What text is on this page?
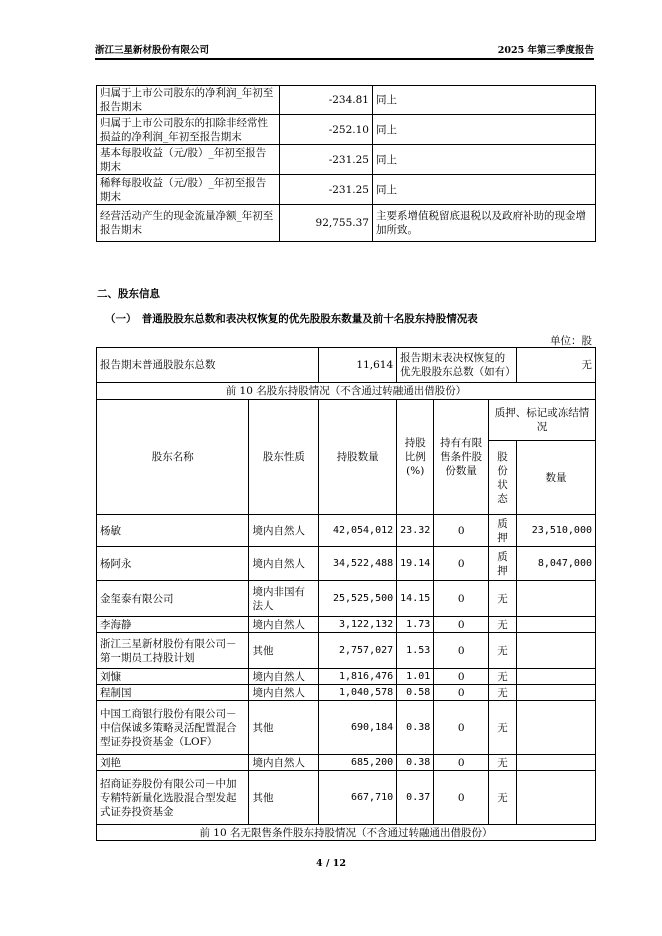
浙江三星新材股份有限公司	2025 年第三季度报告
归属于上市公司股东的净利润_年初至报告期末	-234.81	同上
归属于上市公司股东的扣除非经常性损益的净利润_年初至报告期末	-252.10	同上
基本每股收益（元/股）_年初至报告期末	-231.25	同上
稀释每股收益（元/股）_年初至报告期末	-231.25	同上
经营活动产生的现金流量净额_年初至报告期末	92,755.37	主要系增值税留底退税以及政府补助的现金增加所致。
二、股东信息
（一）　普通股股东总数和表决权恢复的优先股股东数量及前十名股东持股情况表
单位：股
报告期末普通股股东总数		11,614	报告期末表决权恢复的优先股股东总数（如有）			无
前 10 名股东持股情况（不含通过转融通出借股份）						
股东名称	股东性质	持股数量	持股比例(%)	持有有限售条件股份数量	质押、标记或冻结情况	
					股份状态	数量
杨敏	境内自然人	42,054,012	23.32	0	质押	23,510,000
杨阿永	境内自然人	34,522,488	19.14	0	质押	8,047,000
金玺泰有限公司	境内非国有法人	25,525,500	14.15	0	无	
李海静	境内自然人	3,122,132	1.73	0	无	
浙江三星新材股份有限公司－第一期员工持股计划	其他	2,757,027	1.53	0	无	
刘慷	境内自然人	1,816,476	1.01	0	无	
程制国	境内自然人	1,040,578	0.58	0	无	
中国工商银行股份有限公司－中信保诚多策略灵活配置混合型证券投资基金（LOF）	其他	690,184	0.38	0	无	
刘艳	境内自然人	685,200	0.38	0	无	
招商证券股份有限公司－中加专精特新量化选股混合型发起式证券投资基金	其他	667,710	0.37	0	无	
前 10 名无限售条件股东持股情况（不含通过转融通出借股份）						
4 / 12
